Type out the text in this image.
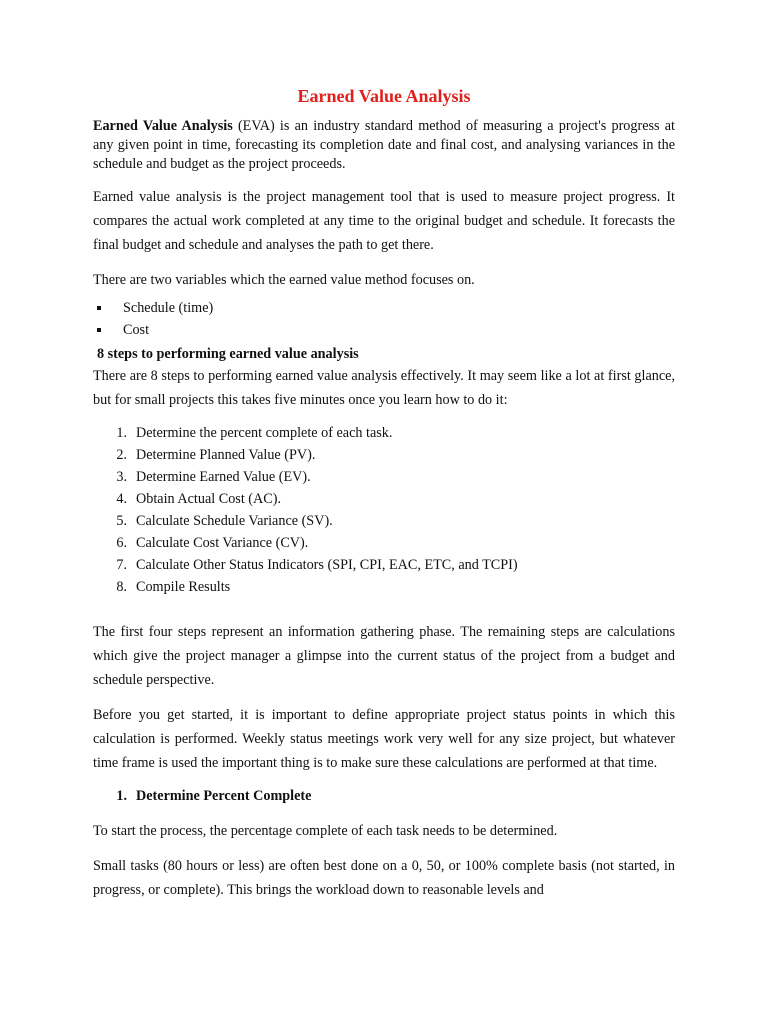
Earned Value Analysis

Earned Value Analysis (EVA) is an industry standard method of measuring a project's progress at any given point in time, forecasting its completion date and final cost, and analysing variances in the schedule and budget as the project proceeds.

Earned value analysis is the project management tool that is used to measure project progress. It compares the actual work completed at any time to the original budget and schedule. It forecasts the final budget and schedule and analyses the path to get there.

There are two variables which the earned value method focuses on.

Schedule (time)
Cost
8 steps to performing earned value analysis

There are 8 steps to performing earned value analysis effectively. It may seem like a lot at first glance, but for small projects this takes five minutes once you learn how to do it:

1. Determine the percent complete of each task.
2. Determine Planned Value (PV).
3. Determine Earned Value (EV).
4. Obtain Actual Cost (AC).
5. Calculate Schedule Variance (SV).
6. Calculate Cost Variance (CV).
7. Calculate Other Status Indicators (SPI, CPI, EAC, ETC, and TCPI)
8. Compile Results

The first four steps represent an information gathering phase. The remaining steps are calculations which give the project manager a glimpse into the current status of the project from a budget and schedule perspective.

Before you get started, it is important to define appropriate project status points in which this calculation is performed. Weekly status meetings work very well for any size project, but whatever time frame is used the important thing is to make sure these calculations are performed at that time.

1. Determine Percent Complete

To start the process, the percentage complete of each task needs to be determined.

Small tasks (80 hours or less) are often best done on a 0, 50, or 100% complete basis (not started, in progress, or complete). This brings the workload down to reasonable levels and
